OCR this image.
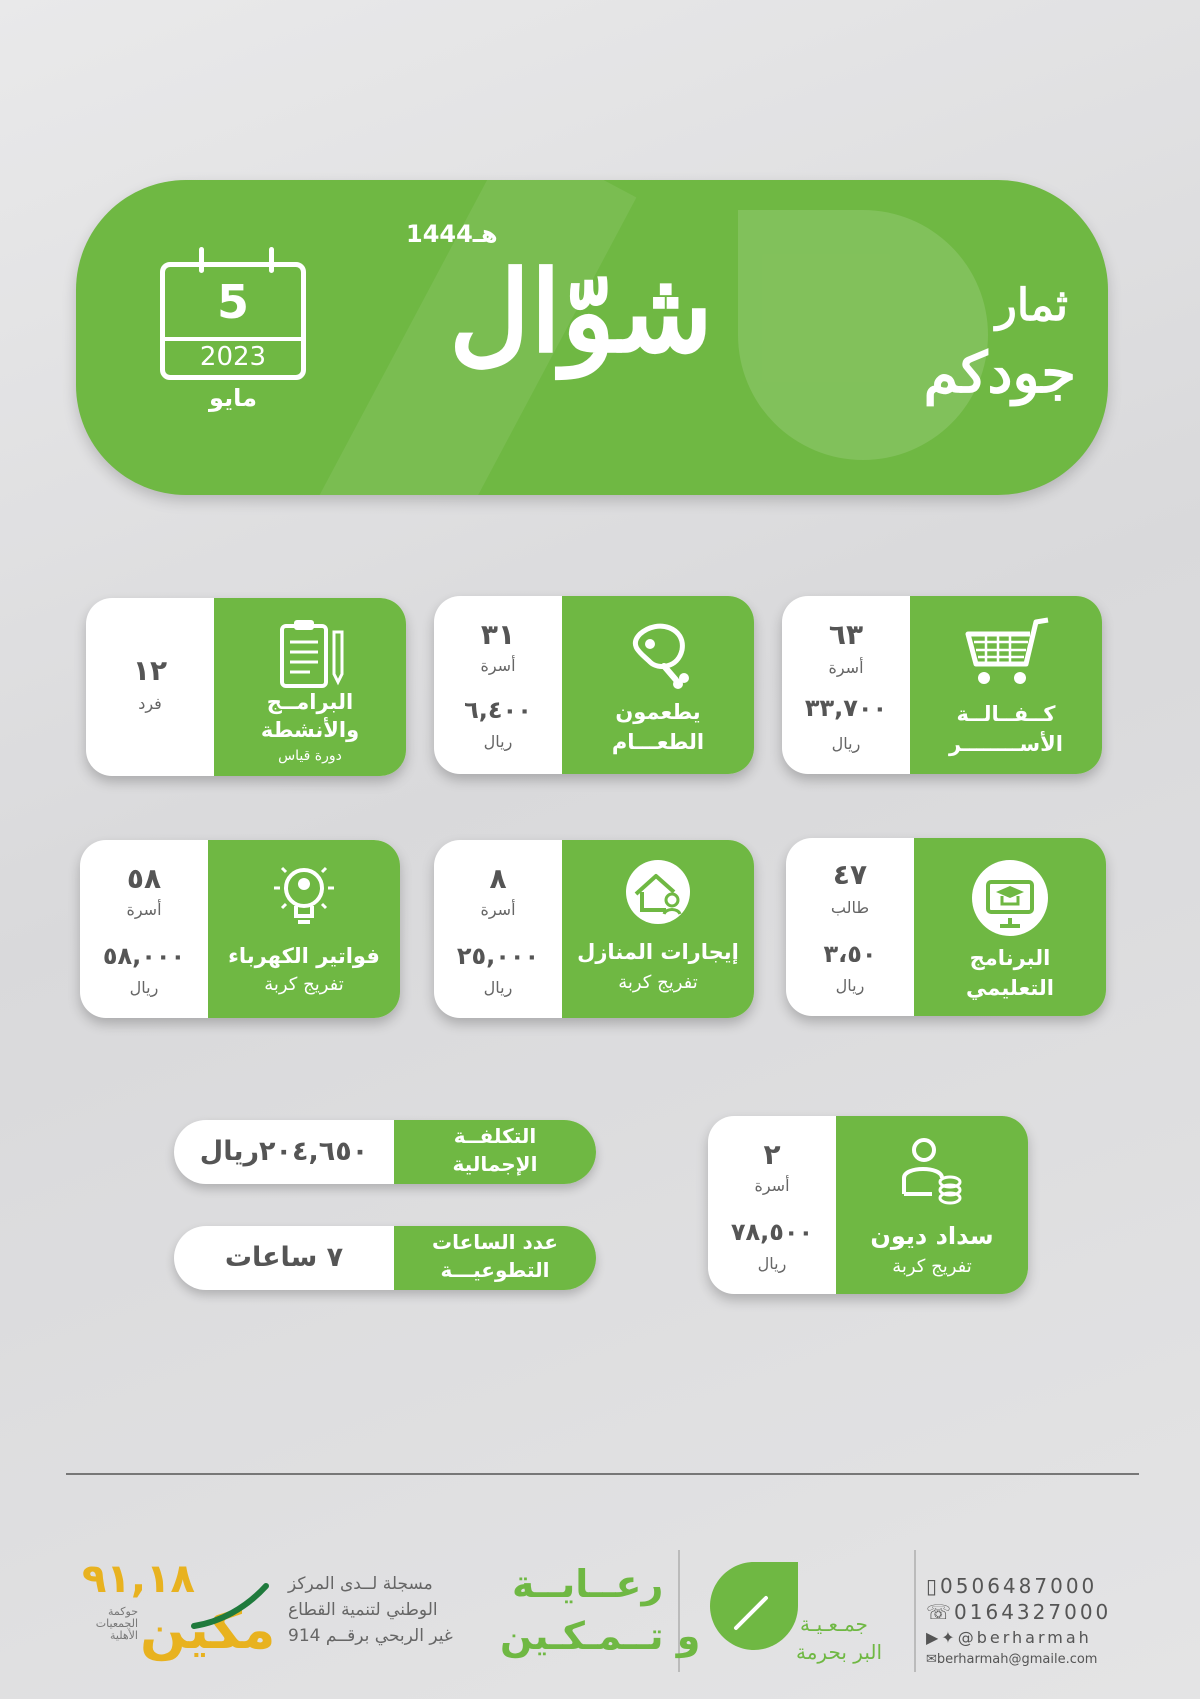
5
2023
مايو
1444هـ
شوّال	ثمار
جودكم
كــفــالــة
الأســــــــر
٦٣
أسرة
٣٣,٧٠٠
ريال
يطعمون
الطعـــام
٣١
أسرة
٦,٤٠٠
ريال
البرامــج
والأنشطة
دورة قياس
١٢
فرد
البرنامج
التعليمي
٤٧
طالب
٣،٥٠
ريال
إيجارات المنازل
تفريج كربة
٨
أسرة
٢٥,٠٠٠
ريال
فواتير الكهرباء
تفريج كربة
٥٨
أسرة
٥٨,٠٠٠
ريال
سداد ديون
تفريج كربة
٢
أسرة
٧٨,٥٠٠
ريال
التكلفــة
الإجمالية
٢٠٤,٦٥٠ريال
عدد الساعات
التطوعيـــة
٧ ساعات
▯0506487000
☏0164327000
▶✦@berharmah
✉berharmah@gmaile.com
جمـعـيـة
البر بحرمة
رعــايــة
و تــمـكـين
مسجلة لــدى المركز
الوطني لتنمية القطاع
غير الربحي برقــم 914
٩١,١٨
مكين
حوكمة
الجمعيات
الأهلية
